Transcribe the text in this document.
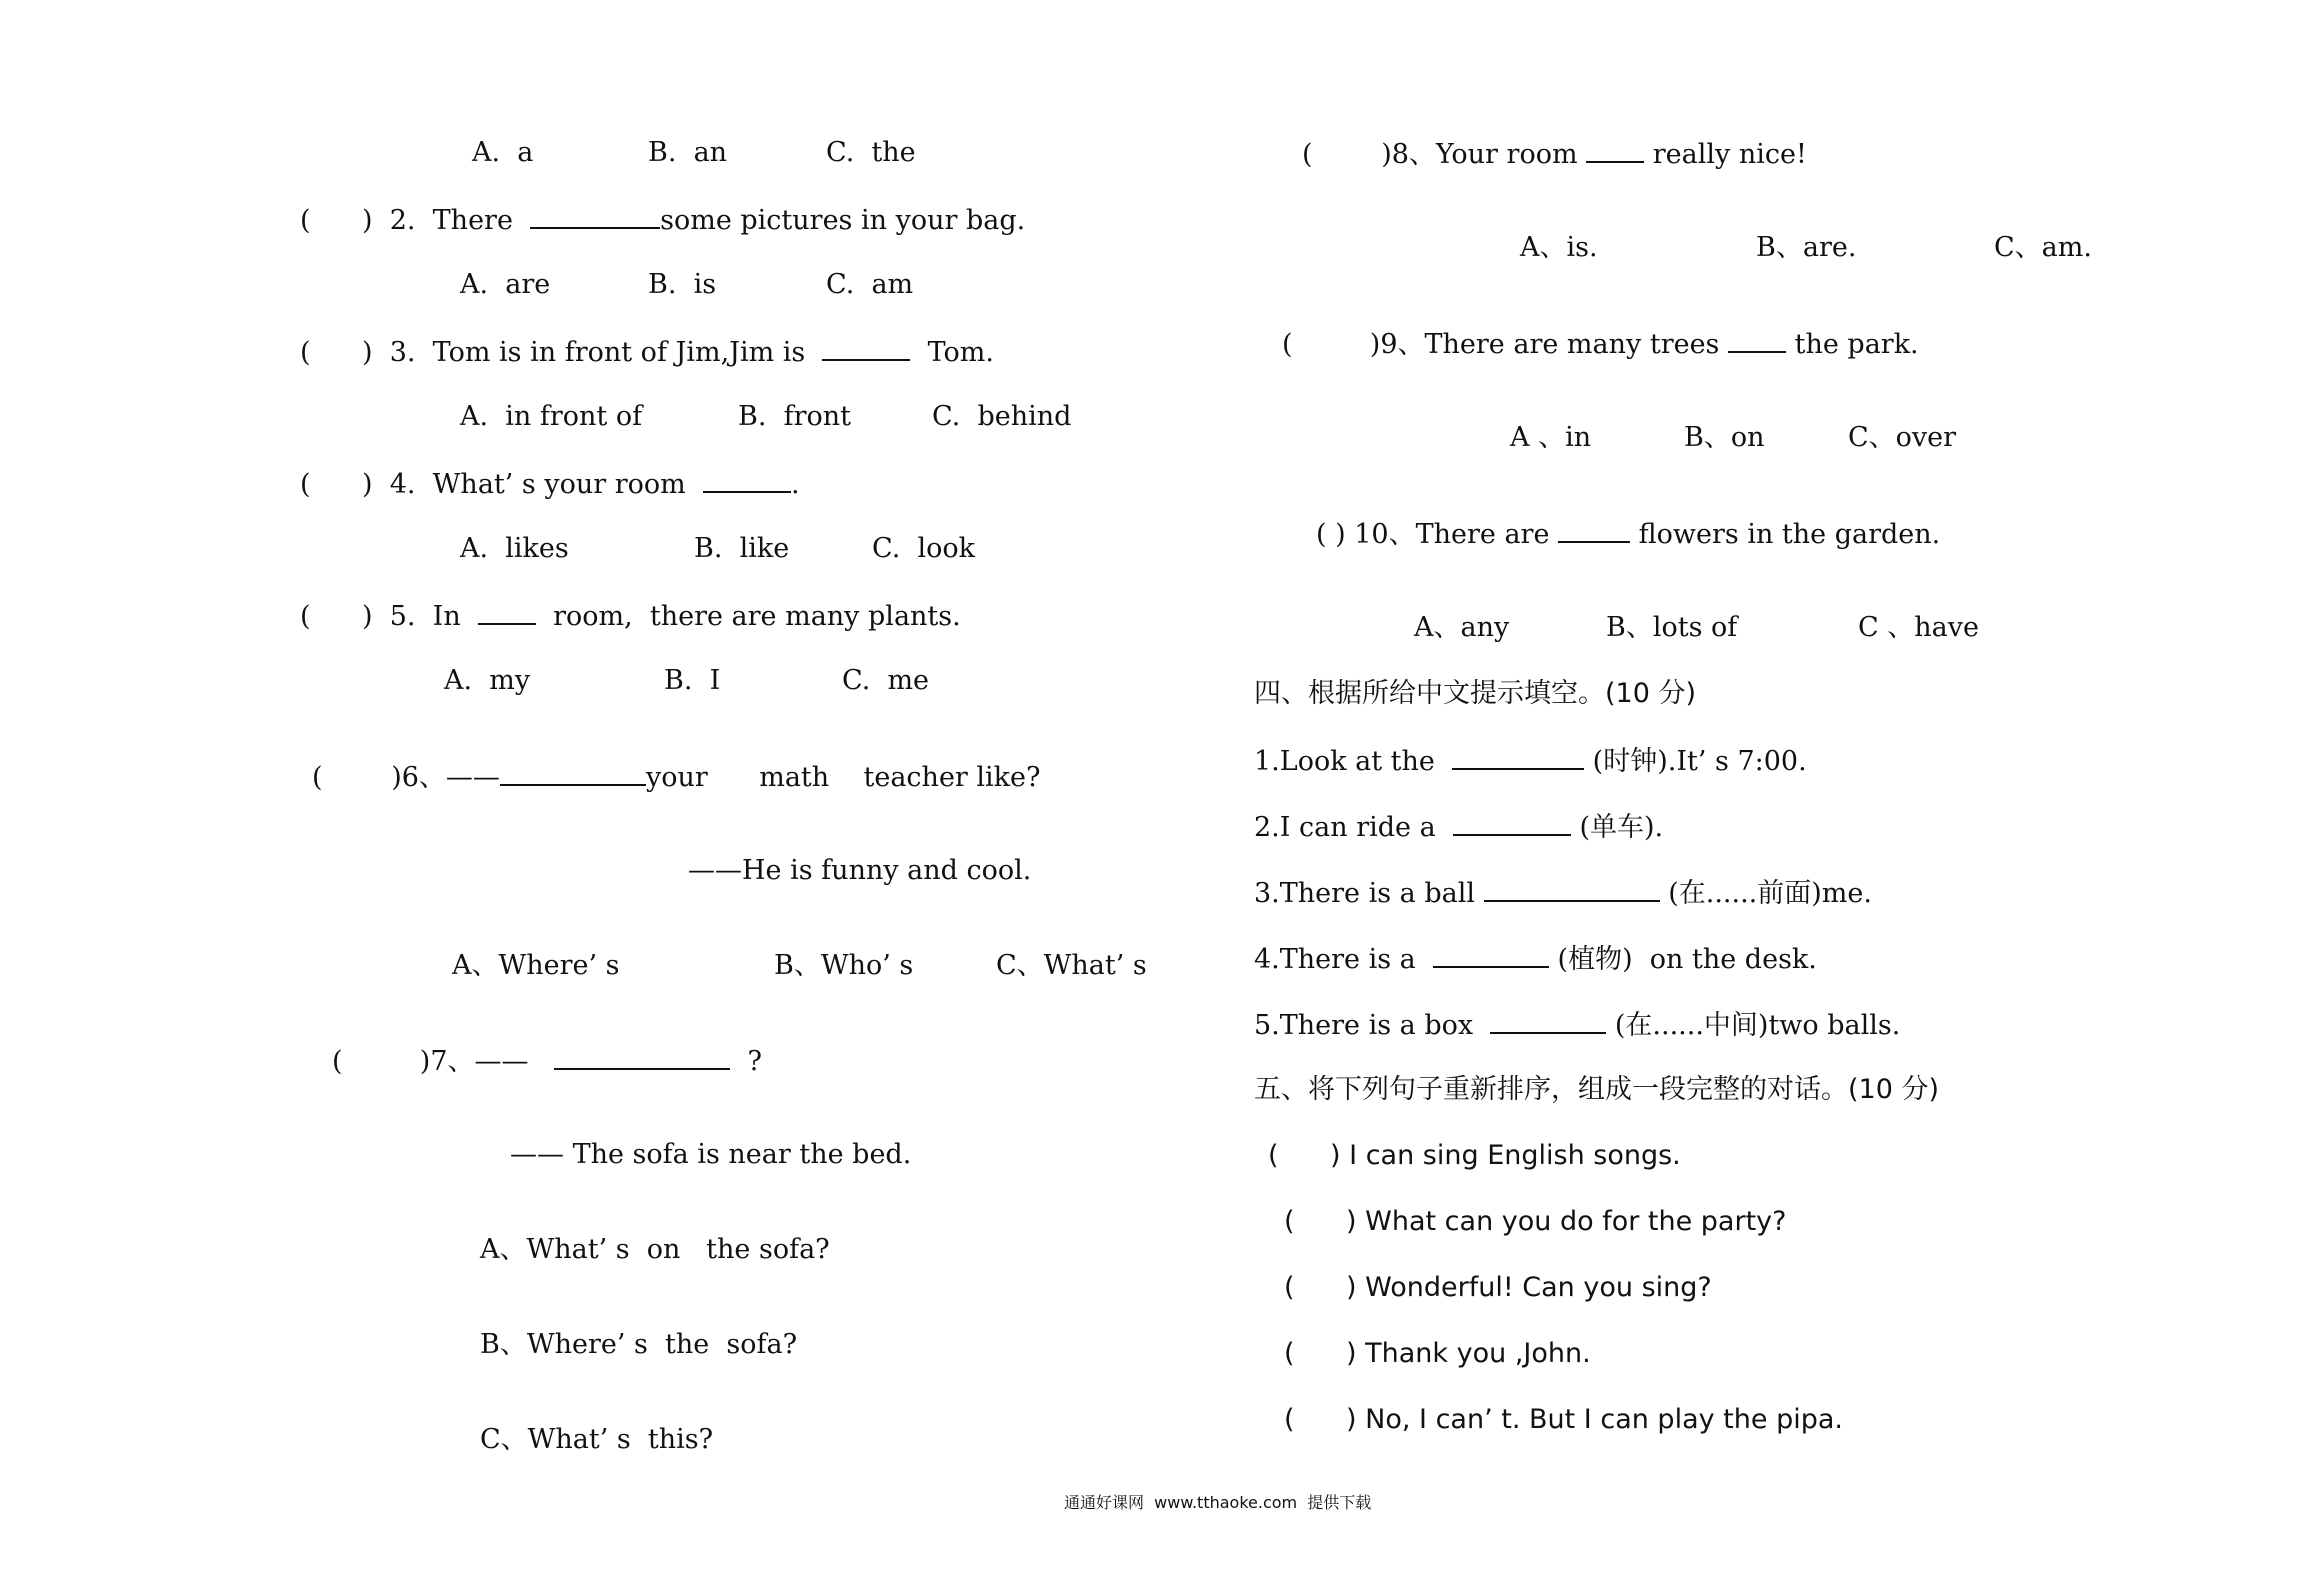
A.  a	B.  an	C.  the
(      ) 2. There	some pictures in your bag.
A.  are	B.  is	C.  am
(      ) 3. Tom is in front of Jim,Jim is	Tom.
A.  in front of	B.  front	C.  behind
(      ) 4. What’ s your room	.
A.  likes	B.  like	C.  look
(      ) 5. In	room,  there are many plants.
A.  my	B.  I	C.  me
(	)6、——	your      math    teacher like?
——He is funny and cool.
A、Where’ s	B、Who’ s	C、What’ s
(	)7、——	?
—— The sofa is near the bed.
A、What’ s  on   the sofa?
B、Where’ s  the  sofa?
C、What’ s  this?
(	)8、Your room	really nice!
A、is.	B、are.	C、am.
(	)9、There are many trees	the park.
A 、in	B、on	C、over
( ) 10、There are	flowers in the garden.
A、any	B、lots of	C 、have
四、根据所给中文提示填空。(10 分)
1.Look at the	(时钟).It’ s 7:00.
2.I can ride a	(单车).
3.There is a ball	(在......前面)me.
4.There is a	(植物)  on the desk.
5.There is a box	(在......中间)two balls.
五、将下列句子重新排序，组成一段完整的对话。(10 分)
(      ) I can sing English songs.
(      ) What can you do for the party?
(      ) Wonderful! Can you sing?
(      ) Thank you ,John.
(      ) No, I can’ t. But I can play the pipa.
通通好课网  www.tthaoke.com  提供下载
